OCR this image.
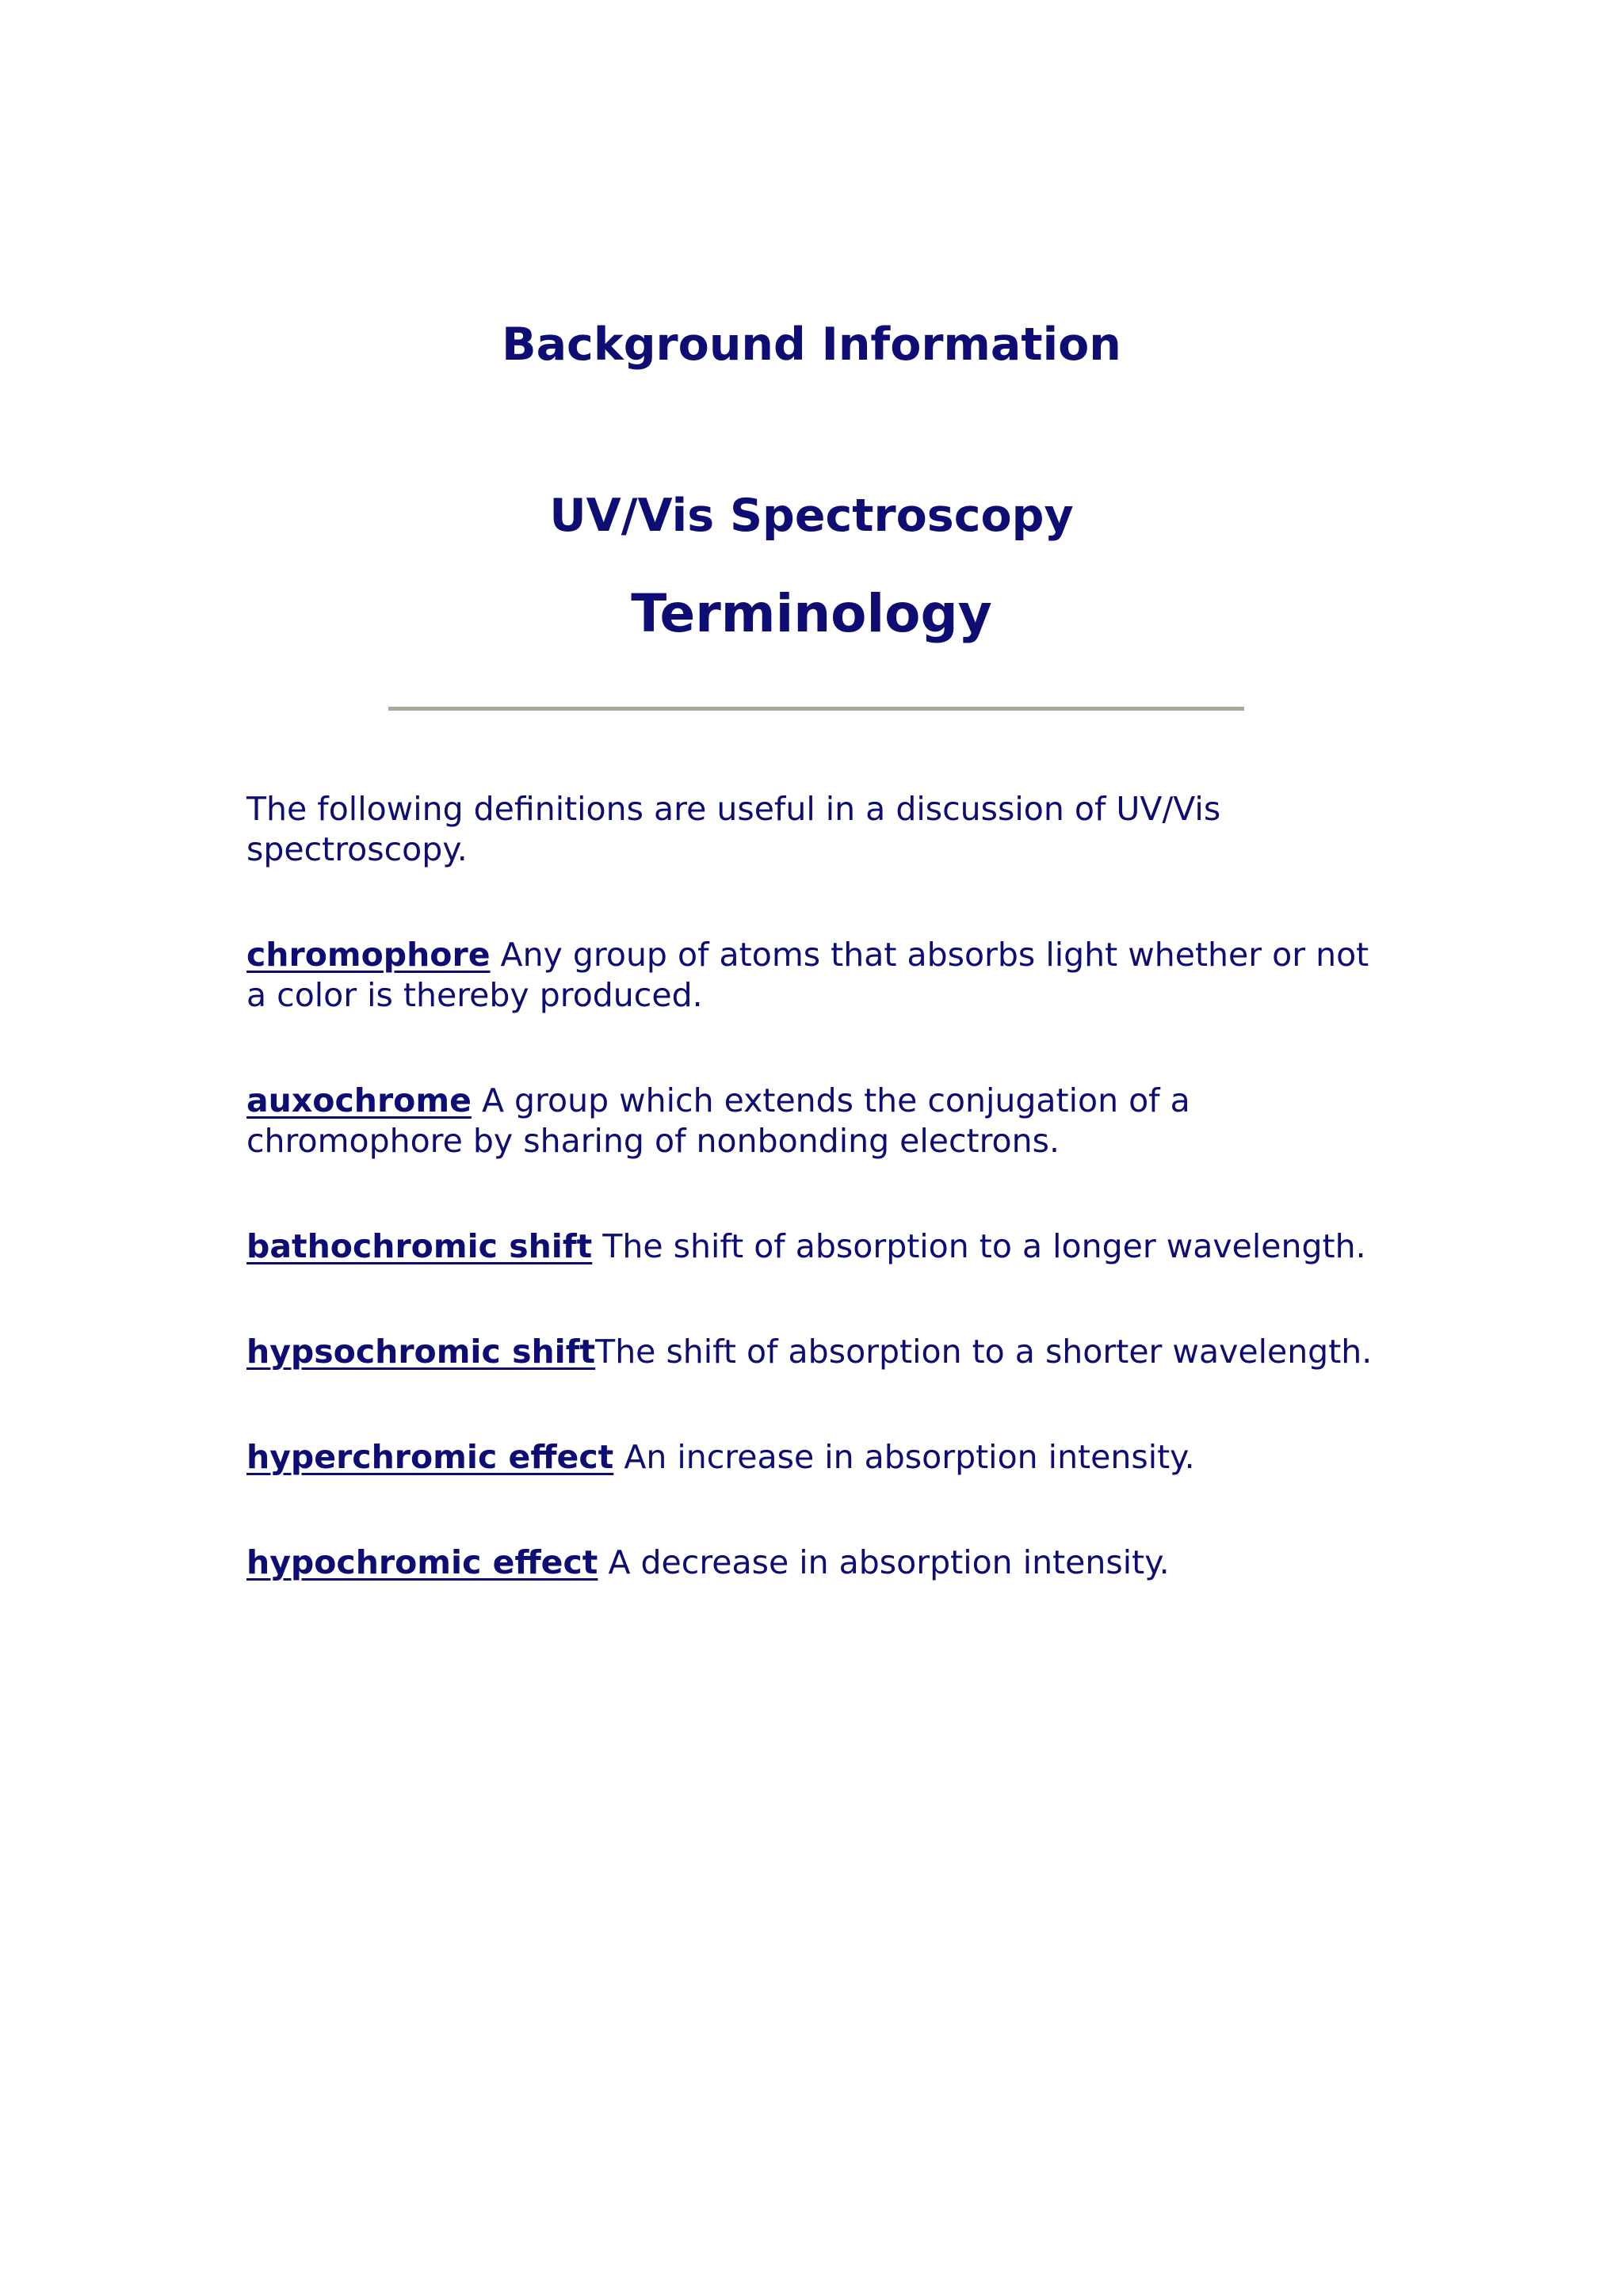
Background Information
UV/Vis Spectroscopy
Terminology

The following definitions are useful in a discussion of UV/Vis spectroscopy.

chromophore Any group of atoms that absorbs light whether or not a color is thereby produced.

auxochrome A group which extends the conjugation of a chromophore by sharing of nonbonding electrons.

bathochromic shift The shift of absorption to a longer wavelength.

hypsochromic shiftThe shift of absorption to a shorter wavelength.

hyperchromic effect An increase in absorption intensity.

hypochromic effect A decrease in absorption intensity.
